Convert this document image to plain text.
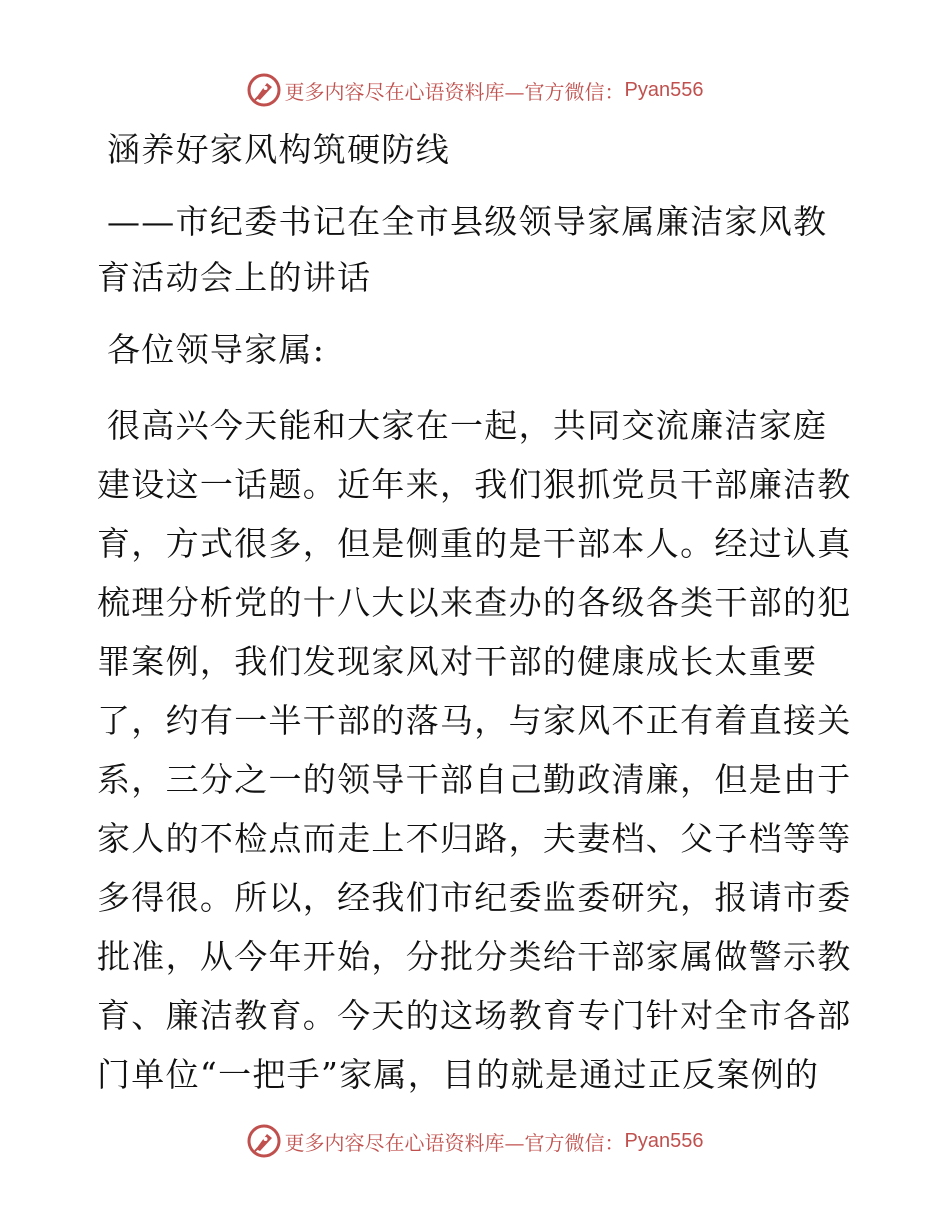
更多内容尽在心语资料库—官方微信： Pyan556
涵养好家风构筑硬防线
——市纪委书记在全市县级领导家属廉洁家风教
育活动会上的讲话
各位领导家属:
很高兴今天能和大家在一起，共同交流廉洁家庭
建设这一话题。近年来，我们狠抓党员干部廉洁教
育，方式很多，但是侧重的是干部本人。经过认真
梳理分析党的十八大以来查办的各级各类干部的犯
罪案例，我们发现家风对干部的健康成长太重要
了，约有一半干部的落马，与家风不正有着直接关
系，三分之一的领导干部自己勤政清廉，但是由于
家人的不检点而走上不归路，夫妻档、父子档等等
多得很。所以，经我们市纪委监委研究，报请市委
批准，从今年开始，分批分类给干部家属做警示教
育、廉洁教育。今天的这场教育专门针对全市各部
门单位“一把手”家属，目的就是通过正反案例的
更多内容尽在心语资料库—官方微信： Pyan556
